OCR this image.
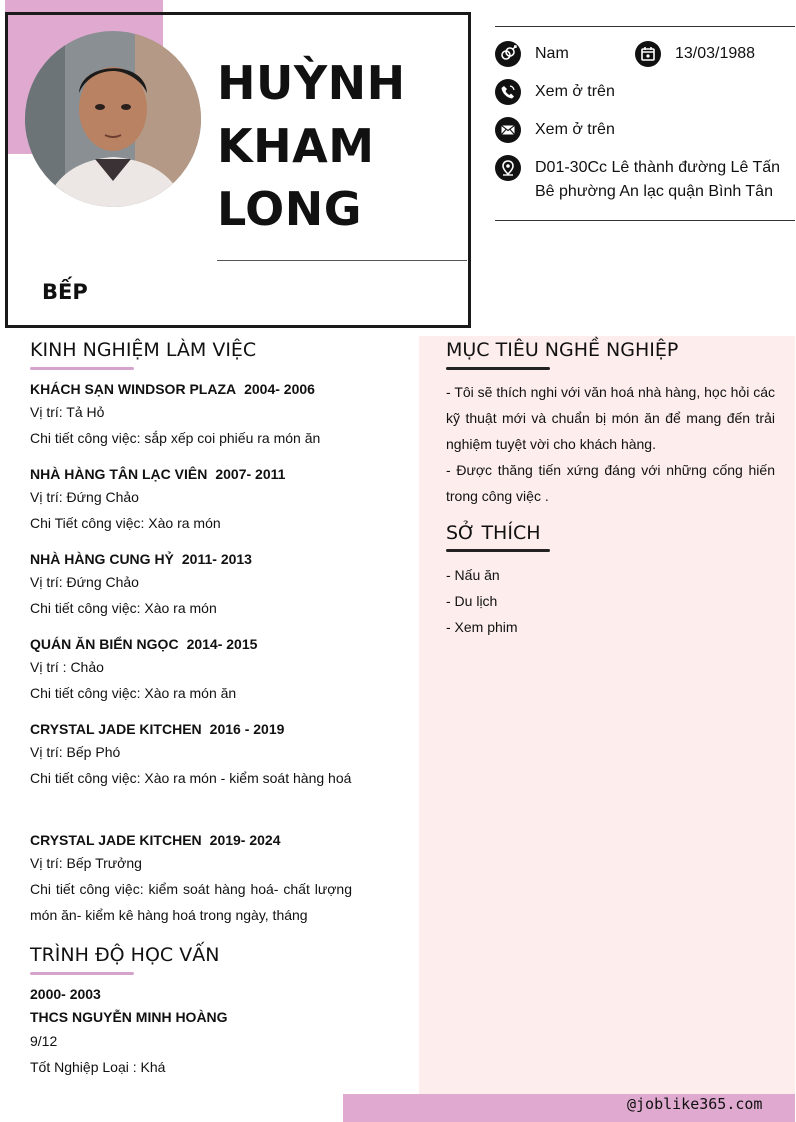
HUỲNH
KHAM
LONG
BẾP
Nam	13/03/1988
Xem ở trên
Xem ở trên
D01-30Cc Lê thành đường Lê Tấn
Bê phường An lạc quận Bình Tân
KINH NGHIỆM LÀM VIỆC
KHÁCH SẠN WINDSOR PLAZA 2004- 2006
Vị trí: Tả Hỏ
Chi tiết công việc: sắp xếp coi phiếu ra món ăn
NHÀ HÀNG TÂN LẠC VIÊN 2007- 2011
Vị trí: Đứng Chảo
Chi Tiết công việc: Xào ra món
NHÀ HÀNG CUNG HỶ 2011- 2013
Vị trí: Đứng Chảo
Chi tiết công việc: Xào ra món
QUÁN ĂN BIỂN NGỌC 2014- 2015
Vị trí : Chảo
Chi tiết công việc: Xào ra món ăn
CRYSTAL JADE KITCHEN 2016 - 2019
Vị trí: Bếp Phó
Chi tiết công việc: Xào ra món - kiểm soát hàng hoá
CRYSTAL JADE KITCHEN 2019- 2024
Vị trí: Bếp Trưởng
Chi tiết công việc: kiểm soát hàng hoá- chất lượng món ăn- kiểm kê hàng hoá trong ngày, tháng
TRÌNH ĐỘ HỌC VẤN
2000- 2003
THCS NGUYỄN MINH HOÀNG
9/12
Tốt Nghiệp Loại : Khá
MỤC TIÊU NGHỀ NGHIỆP
- Tôi sẽ thích nghi với văn hoá nhà hàng, học hỏi các kỹ thuật mới và chuẩn bị món ăn để mang đến trải nghiệm tuyệt vời cho khách hàng.
- Được thăng tiến xứng đáng với những cống hiến trong công việc .
SỞ THÍCH
- Nấu ăn
- Du lịch
- Xem phim
@joblike365.com
